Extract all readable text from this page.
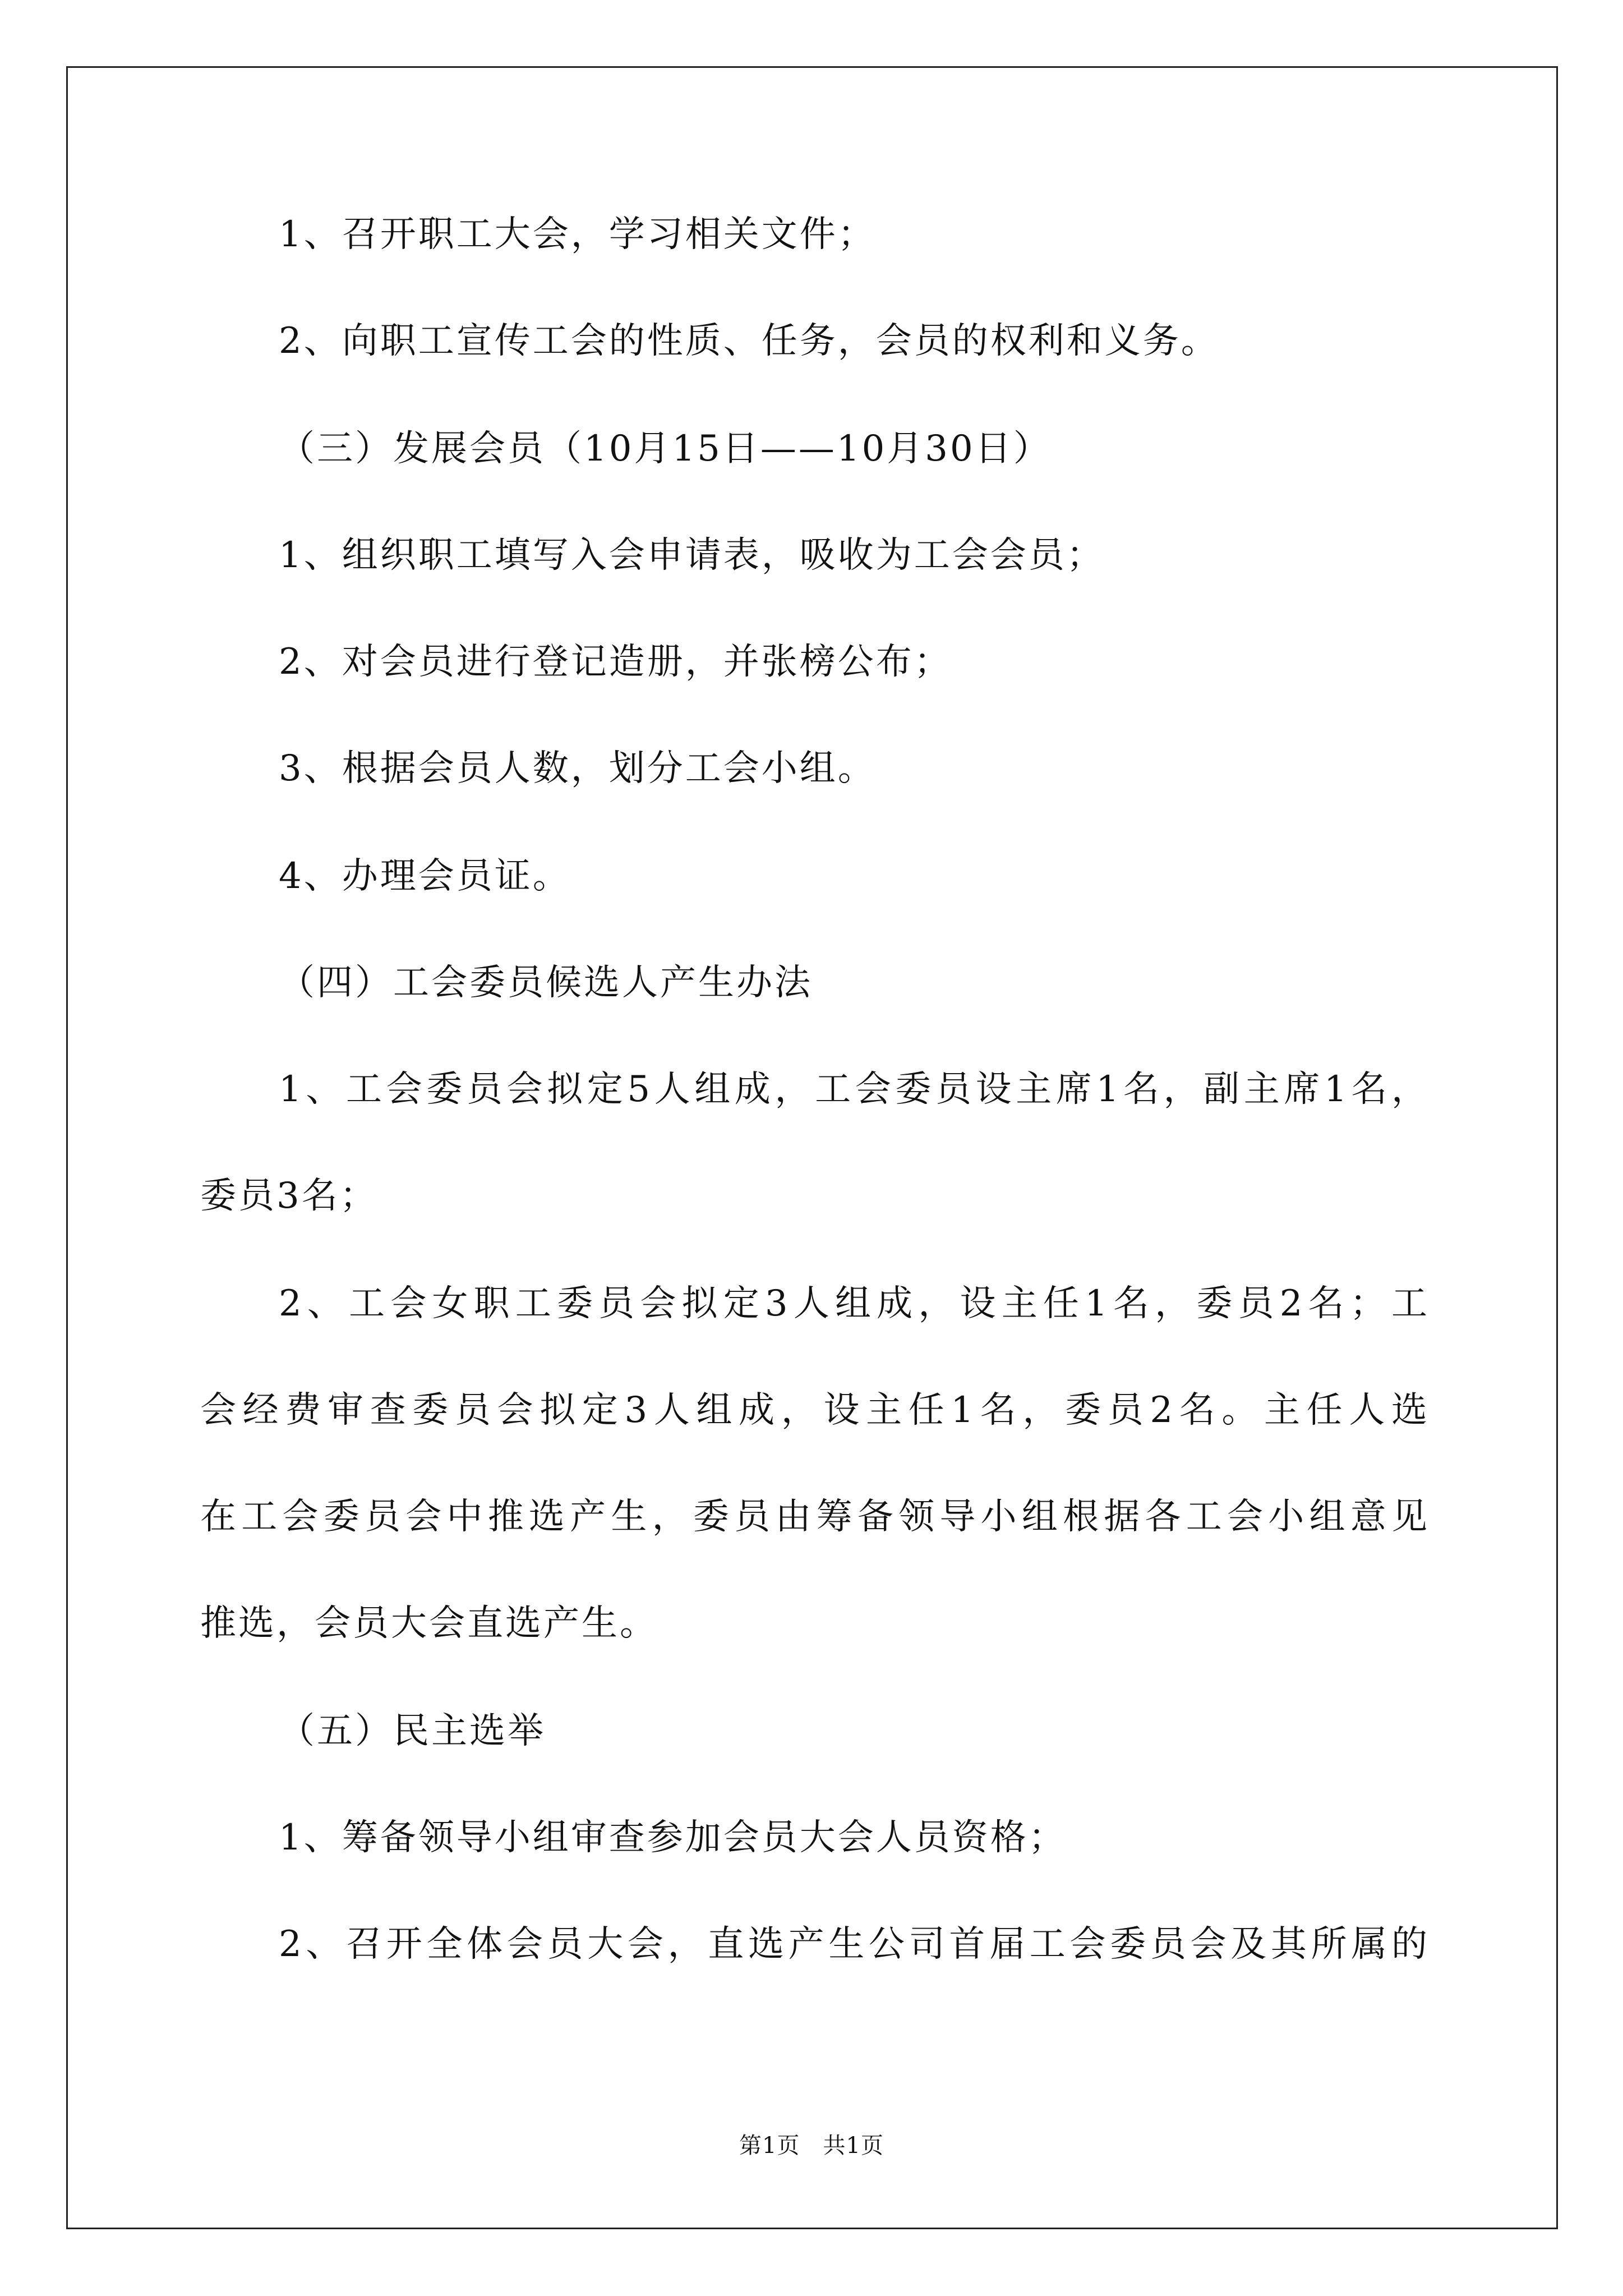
1、召开职工大会，学习相关文件；
2、向职工宣传工会的性质、任务，会员的权利和义务。
（三）发展会员（10月15日——10月30日）
1、组织职工填写入会申请表，吸收为工会会员；
2、对会员进行登记造册，并张榜公布；
3、根据会员人数，划分工会小组。
4、办理会员证。
（四）工会委员候选人产生办法
1、工会委员会拟定5人组成，工会委员设主席1名，副主席1名，
委员3名；
2、工会女职工委员会拟定3人组成，设主任1名，委员2名；工
会经费审查委员会拟定3人组成，设主任1名，委员2名。主任人选
在工会委员会中推选产生，委员由筹备领导小组根据各工会小组意见
推选，会员大会直选产生。
（五）民主选举
1、筹备领导小组审查参加会员大会人员资格；
2、召开全体会员大会，直选产生公司首届工会委员会及其所属的
第1页　共1页
